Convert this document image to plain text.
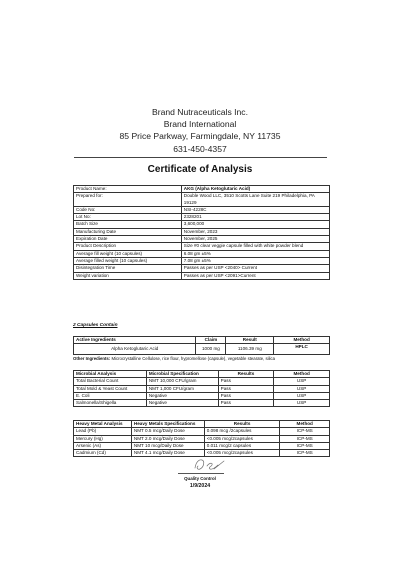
Brand Nutraceuticals Inc.
Brand International
85 Price Parkway, Farmingdale, NY 11735
631-450-4357
Certificate of Analysis
Product Name:	AKG (Alpha Ketoglutaric Acid)
Prepared for:	Double Wood LLC, 3510 Scotts Lane Suite 219 Philadelphia, PA 19129
Code No:	NSI-4228C
Lot No:	2328201
Batch Size	3,600,000
Manufacturing Date	November, 2023
Expiration Date	November, 2025
Product Description	Size #0 clear veggie capsule filled with white powder blend
Average fill weight (10 capsules)	6.08 gm ±5%
Average filled weight (10 capsules)	7.08 gm ±5%
Disintegration Time	Passes as per USP <2040> Current
Weight variation	Passes as per USP <2091>Current
2 Capsules Contain
Active Ingredients	Claim	Result	Method
Alpha Ketoglutaric Acid	1000 mg	1106.39 mg	HPLC
Other Ingredients: Microcrystalline Cellulose, rice flour, hypromellose (capsule), vegetable stearate, silica
Microbial Analysis	Microbial Specification	Results	Method
Total Bacterial Count	NMT 10,000 CFU/gram	Pass	USP
Total Mold & Yeast Count	NMT 1,000 CFU/gram	Pass	USP
E. Coli	Negative	Pass	USP
Salmonella/Shigella	Negative	Pass	USP
Heavy Metal Analysis	Heavy Metals Specifications	Results	Method
Lead (Pb)	NMT 0.5 mcg/Daily Dose	0.098 mcg /2capsules	ICP-MS
Mercury (Hg)	NMT 2.0 mcg/Daily Dose	<0.005 mcg/2capsules	ICP-MS
Arsenic (As)	NMT 10 mcg/Daily Dose	0.011 mcg/2 capsules	ICP-MS
Cadmium (Cd)	NMT 4.1 mcg/Daily Dose	<0.005 mcg/2capsules	ICP-MS
Quality Control
1/9/2024
